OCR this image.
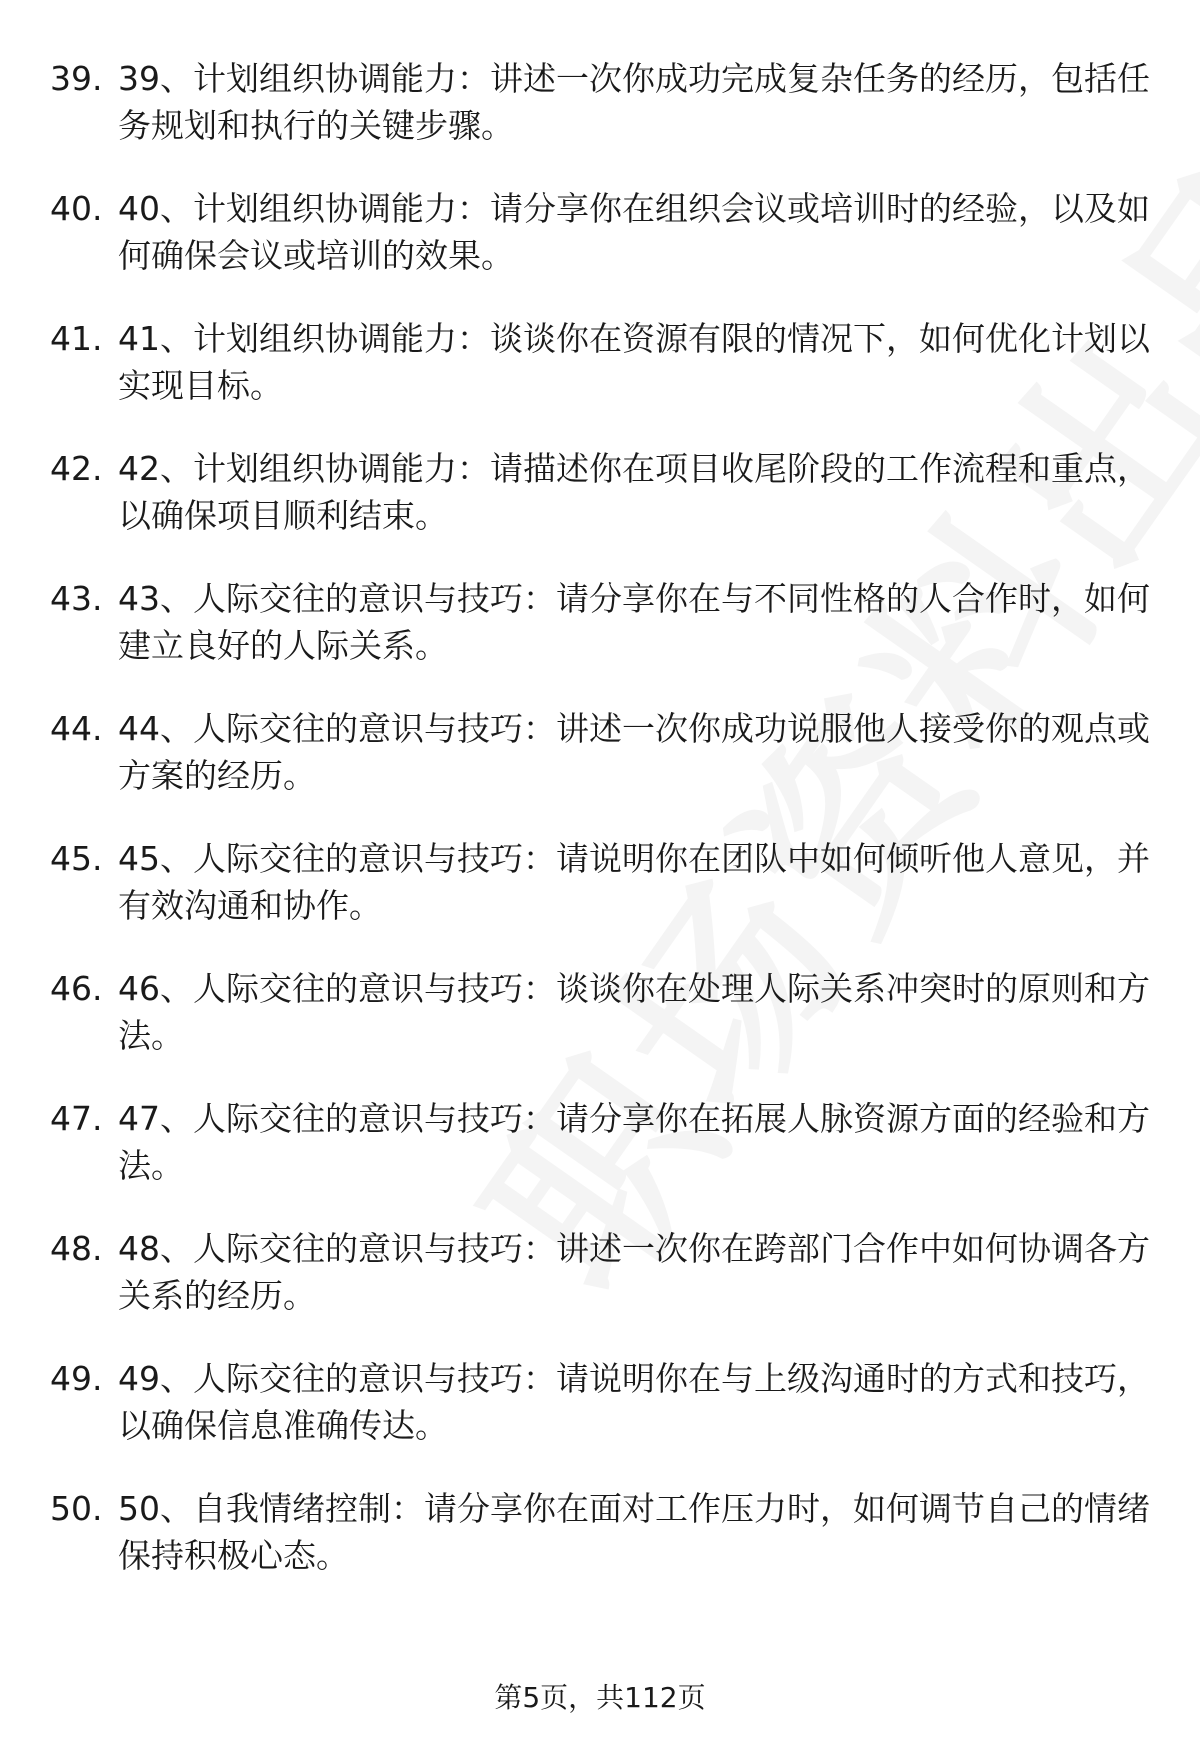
39. 39、计划组织协调能力：讲述一次你成功完成复杂任务的经历，包括任务规划和执行的关键步骤。
40. 40、计划组织协调能力：请分享你在组织会议或培训时的经验，以及如何确保会议或培训的效果。
41. 41、计划组织协调能力：谈谈你在资源有限的情况下，如何优化计划以实现目标。
42. 42、计划组织协调能力：请描述你在项目收尾阶段的工作流程和重点，以确保项目顺利结束。
43. 43、人际交往的意识与技巧：请分享你在与不同性格的人合作时，如何建立良好的人际关系。
44. 44、人际交往的意识与技巧：讲述一次你成功说服他人接受你的观点或方案的经历。
45. 45、人际交往的意识与技巧：请说明你在团队中如何倾听他人意见，并有效沟通和协作。
46. 46、人际交往的意识与技巧：谈谈你在处理人际关系冲突时的原则和方法。
47. 47、人际交往的意识与技巧：请分享你在拓展人脉资源方面的经验和方法。
48. 48、人际交往的意识与技巧：讲述一次你在跨部门合作中如何协调各方关系的经历。
49. 49、人际交往的意识与技巧：请说明你在与上级沟通时的方式和技巧，以确保信息准确传达。
50. 50、自我情绪控制：请分享你在面对工作压力时，如何调节自己的情绪保持积极心态。
第5页，共112页
